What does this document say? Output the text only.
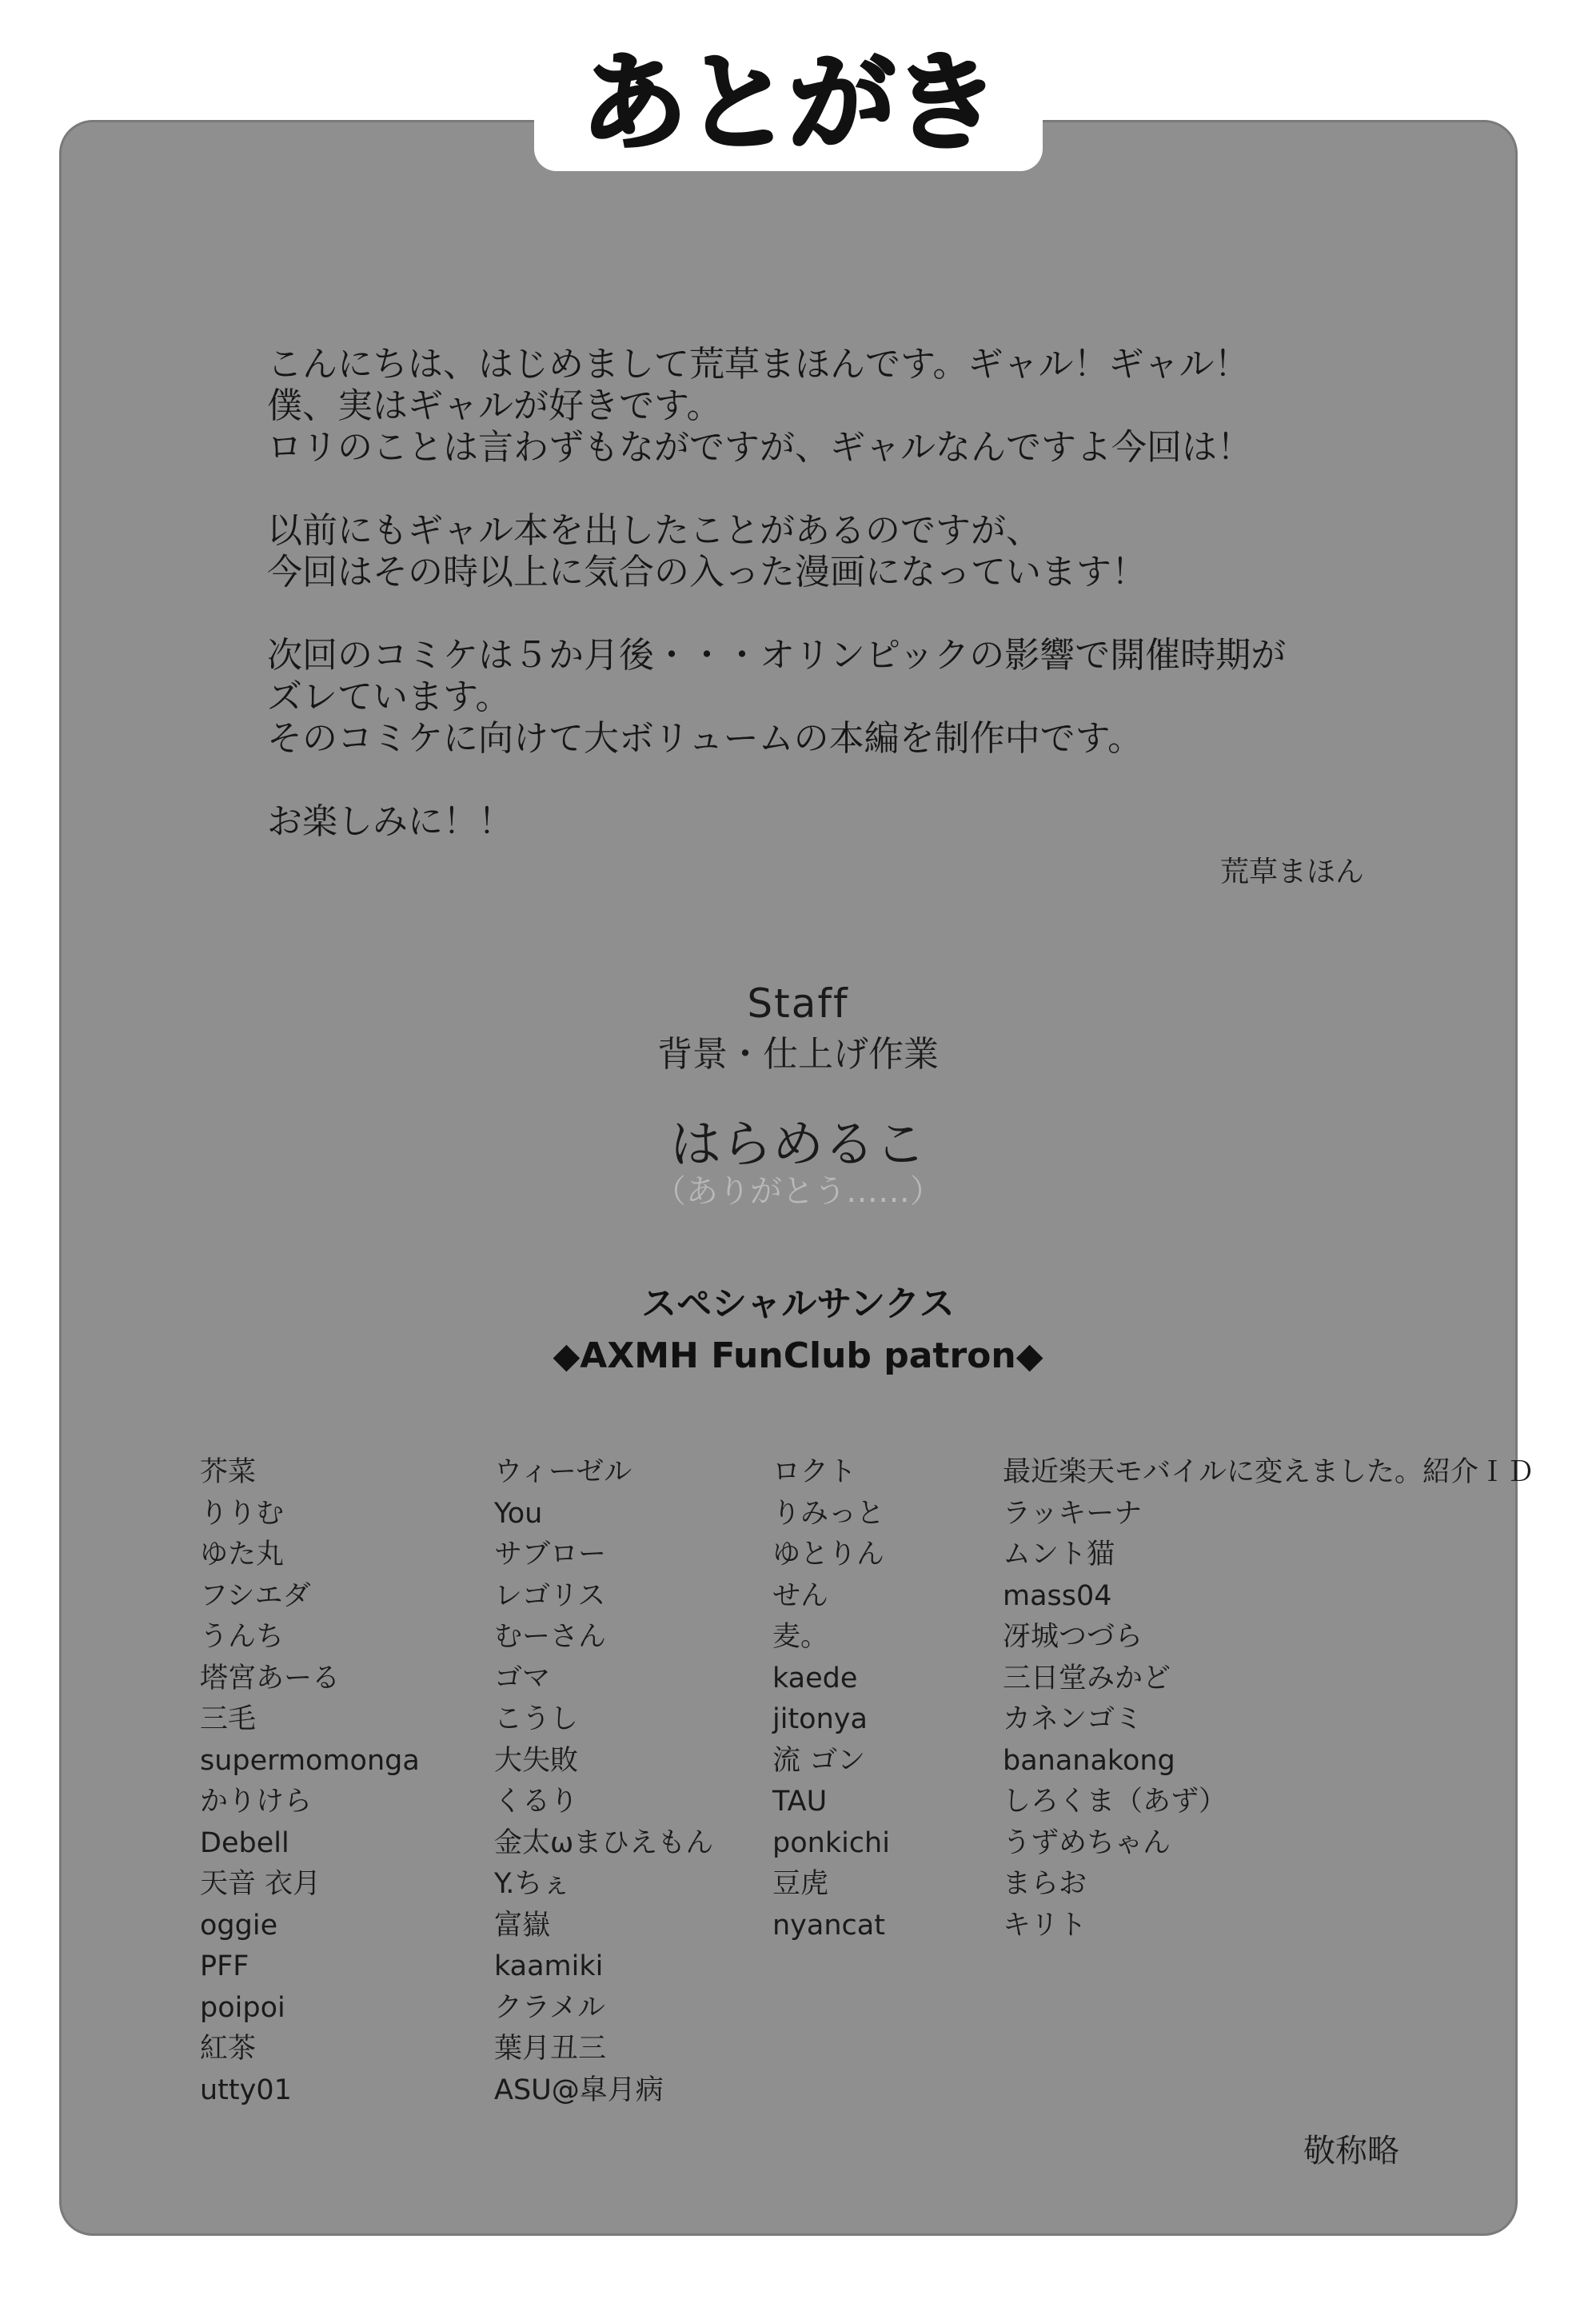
あとがき
こんにちは、はじめまして荒草まほんです。ギャル！ギャル！
僕、実はギャルが好きです。
ロリのことは言わずもながですが、ギャルなんですよ今回は！
以前にもギャル本を出したことがあるのですが、
今回はその時以上に気合の入った漫画になっています！
次回のコミケは５か月後・・・オリンピックの影響で開催時期が
ズレています。
そのコミケに向けて大ボリュームの本編を制作中です。
お楽しみに！！
荒草まほん
Staff
背景・仕上げ作業
はらめるこ
（ありがとう……）
スペシャルサンクス
◆AXMH FunClub patron◆
芥菜
りりむ
ゆた丸
フシエダ
うんち
塔宮あーる
三毛
supermomonga
かりけら
Debell
天音 衣月
oggie
PFF
poipoi
紅茶
utty01
ウィーゼル
You
サブロー
レゴリス
むーさん
ゴマ
こうし
大失敗
くるり
金太ωまひえもん
Y.ちぇ
富嶽
kaamiki
クラメル
葉月丑三
ASU@皐月病
ロクト
りみっと
ゆとりん
せん
麦。
kaede
jitonya
流 ゴン
TAU
ponkichi
豆虎
nyancat
最近楽天モバイルに変えました。紹介ＩＤ
ラッキーナ
ムント猫
mass04
冴城つづら
三日堂みかど
カネンゴミ
bananakong
しろくま（あず）
うずめちゃん
まらお
キリト
敬称略
